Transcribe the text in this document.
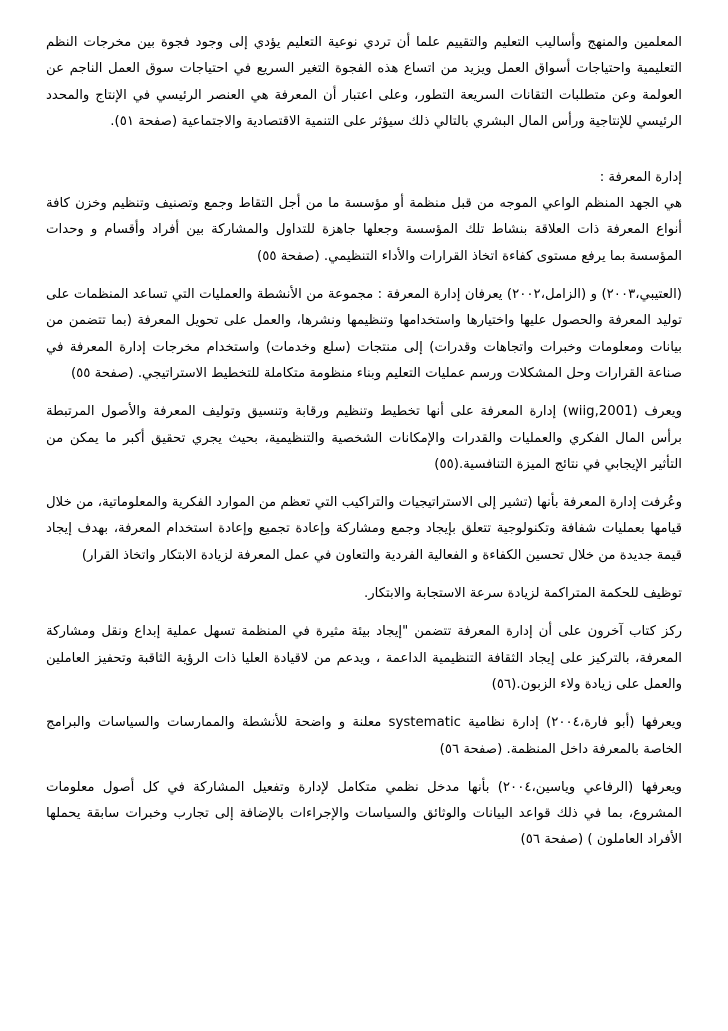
المعلمين والمنهج وأساليب التعليم والتقييم علما أن تردي نوعية التعليم يؤدي إلى وجود فجوة بين مخرجات النظم التعليمية واحتياجات أسواق العمل ويزيد من اتساع هذه الفجوة التغير السريع في احتياجات سوق العمل الناجم عن العولمة وعن متطلبات التقانات السريعة التطور، وعلى اعتبار أن المعرفة هي العنصر الرئيسي في الإنتاج والمحدد الرئيسي للإنتاجية ورأس المال البشري بالتالي ذلك سيؤثر على التنمية الاقتصادية والاجتماعية (صفحة ٥١).

إدارة المعرفة :

هي الجهد المنظم الواعي الموجه من قبل منظمة أو مؤسسة ما من أجل التقاط وجمع وتصنيف وتنظيم وخزن كافة أنواع المعرفة ذات العلاقة بنشاط تلك المؤسسة وجعلها جاهزة للتداول والمشاركة بين أفراد وأقسام و وحدات المؤسسة بما يرفع مستوى كفاءة اتخاذ القرارات والأداء التنظيمي. (صفحة ٥٥)

(العتيبي،٢٠٠٣) و (الزامل،٢٠٠٢) يعرفان إدارة المعرفة : مجموعة من الأنشطة والعمليات التي تساعد المنظمات على توليد المعرفة والحصول عليها واختيارها واستخدامها وتنظيمها ونشرها، والعمل على تحويل المعرفة (بما تتضمن من بيانات ومعلومات وخبرات واتجاهات وقدرات) إلى منتجات (سلع وخدمات) واستخدام مخرجات إدارة المعرفة في صناعة القرارات وحل المشكلات ورسم عمليات التعليم وبناء منظومة متكاملة للتخطيط الاستراتيجي. (صفحة ٥٥)

ويعرف (wiig,2001) إدارة المعرفة على أنها تخطيط وتنظيم ورقابة وتنسيق وتوليف المعرفة والأصول المرتبطة برأس المال الفكري والعمليات والقدرات والإمكانات الشخصية والتنظيمية، بحيث يجري تحقيق أكبر ما يمكن من التأثير الإيجابي في نتائج الميزة التنافسية.(٥٥)

وعُرفت إدارة المعرفة بأنها (تشير إلى الاستراتيجيات والتراكيب التي تعظم من الموارد الفكرية والمعلوماتية، من خلال قيامها بعمليات شفافة وتكنولوجية تتعلق بإيجاد وجمع ومشاركة وإعادة تجميع وإعادة استخدام المعرفة، بهدف إيجاد قيمة جديدة من خلال تحسين الكفاءة و الفعالية الفردية والتعاون في عمل المعرفة لزيادة الابتكار واتخاذ القرار)

توظيف للحكمة المتراكمة لزيادة سرعة الاستجابة والابتكار.

ركز كتاب آخرون على أن إدارة المعرفة تتضمن "إيجاد بيئة مثيرة في المنظمة تسهل عملية إبداع ونقل ومشاركة المعرفة، بالتركيز على إيجاد الثقافة التنظيمية الداعمة ، ويدعم من لاقيادة العليا ذات الرؤية الثاقبة وتحفيز العاملين والعمل على زيادة ولاء الزبون.(٥٦)

ويعرفها (أبو فارة،٢٠٠٤) إدارة نظامية systematic معلنة و واضحة للأنشطة والممارسات والسياسات والبرامج الخاصة بالمعرفة داخل المنظمة. (صفحة ٥٦)

ويعرفها (الرفاعي وياسين،٢٠٠٤) بأنها مدخل نظمي متكامل لإدارة وتفعيل المشاركة في كل أصول معلومات المشروع، بما في ذلك قواعد البيانات والوثائق والسياسات والإجراءات بالإضافة إلى تجارب وخبرات سابقة يحملها الأفراد العاملون ) (صفحة ٥٦)
